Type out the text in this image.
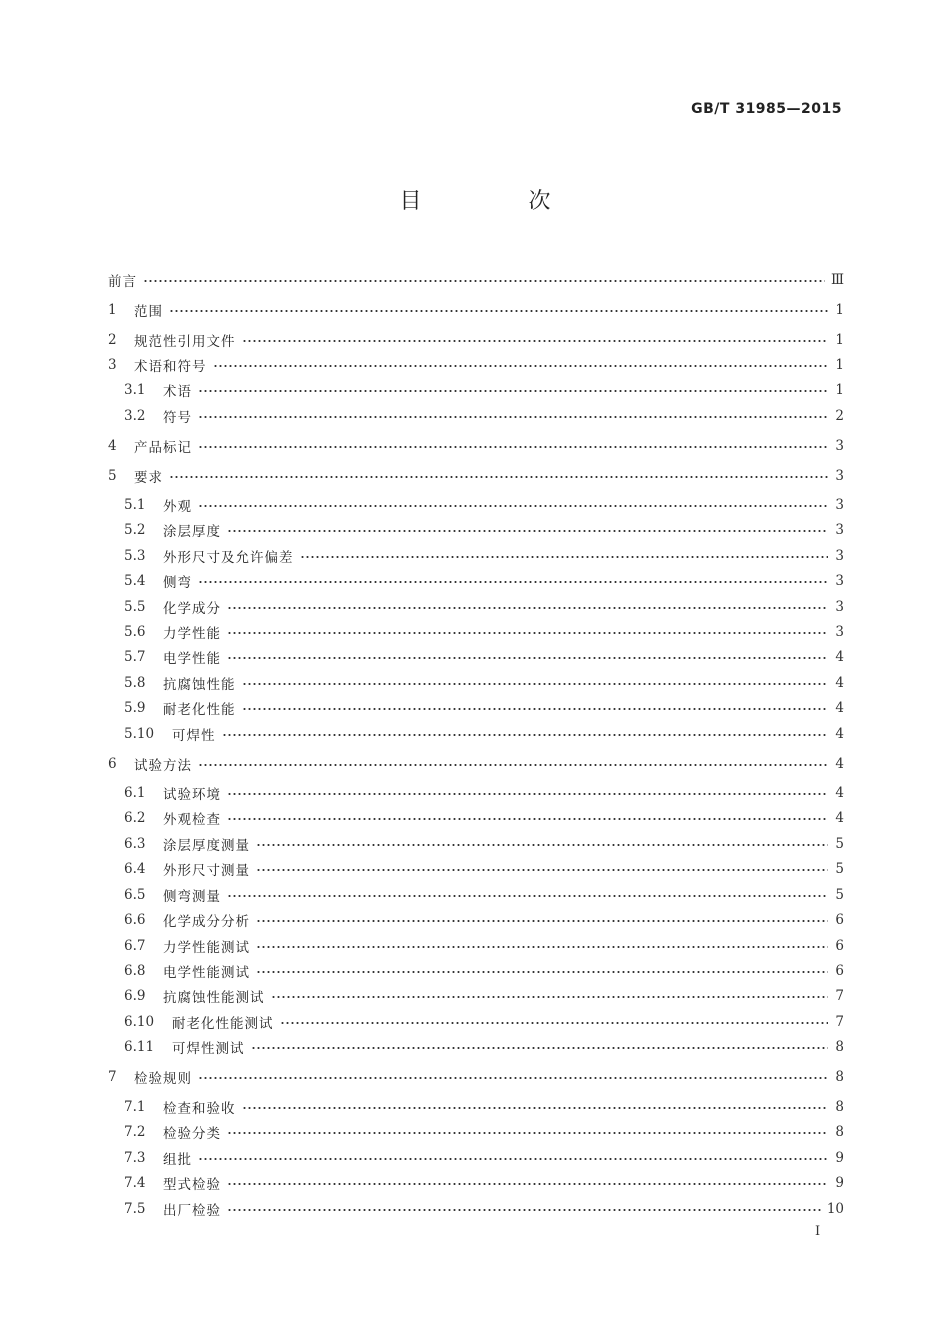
GB/T 31985—2015
目 次
前言	Ⅲ
1	范围	1
2	规范性引用文件	1
3	术语和符号	1
3.1	术语	1
3.2	符号	2
4	产品标记	3
5	要求	3
5.1	外观	3
5.2	涂层厚度	3
5.3	外形尺寸及允许偏差	3
5.4	侧弯	3
5.5	化学成分	3
5.6	力学性能	3
5.7	电学性能	4
5.8	抗腐蚀性能	4
5.9	耐老化性能	4
5.10	可焊性	4
6	试验方法	4
6.1	试验环境	4
6.2	外观检查	4
6.3	涂层厚度测量	5
6.4	外形尺寸测量	5
6.5	侧弯测量	5
6.6	化学成分分析	6
6.7	力学性能测试	6
6.8	电学性能测试	6
6.9	抗腐蚀性能测试	7
6.10	耐老化性能测试	7
6.11	可焊性测试	8
7	检验规则	8
7.1	检查和验收	8
7.2	检验分类	8
7.3	组批	9
7.4	型式检验	9
7.5	出厂检验	10
I
